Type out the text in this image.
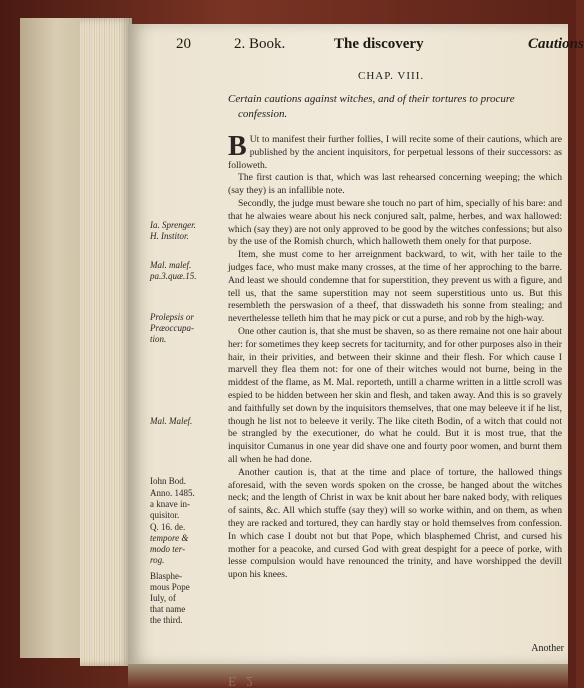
20	2. Book.	The discovery	Cautions
CHAP. VIII.
Certain cautions against witches, and of their tortures to procure
confession.
Ia. Sprenger.
H. Institor.
Mal. malef.
pa.3.quæ.15.
Prolepsis or
Præoccupa-
tion.
Mal. Malef.
Iohn Bod.
Anno. 1485.
a knave in-
quisitor.
Q. 16. de.
tempore &
modo ter-
rog.
Blasphe-
mous Pope
Iuly, of
that name
the third.

B Ut to manifest their further follies, I will recite some of their cautions, which are published by the ancient inquisitors, for perpetual lessons of their successors: as followeth.

The first caution is that, which was last rehearsed concerning weeping; the which (say they) is an infallible note.

Secondly, the judge must beware she touch no part of him, specially of his bare: and that he alwaies weare about his neck conjured salt, palme, herbes, and wax hallowed: which (say they) are not only approved to be good by the witches confessions; but also by the use of the Romish church, which halloweth them onely for that purpose.

Item, she must come to her arreignment backward, to wit, with her taile to the judges face, who must make many crosses, at the time of her approching to the barre. And least we should condemne that for superstition, they prevent us with a figure, and tell us, that the same superstition may not seem superstitious unto us. But this resembleth the perswasion of a theef, that disswadeth his sonne from stealing; and neverthelesse telleth him that he may pick or cut a purse, and rob by the high-way.

One other caution is, that she must be shaven, so as there remaine not one hair about her: for sometimes they keep secrets for taciturnity, and for other purposes also in their hair, in their privities, and between their skinne and their flesh. For which cause I marvell they flea them not: for one of their witches would not burne, being in the middest of the flame, as M. Mal. reporteth, untill a charme written in a little scroll was espied to be hidden between her skin and flesh, and taken away. And this is so gravely and faithfully set down by the inquisitors themselves, that one may beleeve it if he list, though he list not to beleeve it verily. The like citeth Bodin, of a witch that could not be strangled by the executioner, do what he could. But it is most true, that the inquisitor Cumanus in one year did shave one and fourty poor women, and burnt them all when he had done.

Another caution is, that at the time and place of torture, the hallowed things aforesaid, with the seven words spoken on the crosse, be hanged about the witches neck; and the length of Christ in wax be knit about her bare naked body, with reliques of saints, &c. All which stuffe (say they) will so worke within, and on them, as when they are racked and tortured, they can hardly stay or hold themselves from confession. In which case I doubt not but that Pope, which blasphemed Christ, and cursed his mother for a peacoke, and cursed God with great despight for a peece of porke, with lesse compulsion would have renounced the trinity, and have worshipped the devill upon his knees.

Another
E 2
